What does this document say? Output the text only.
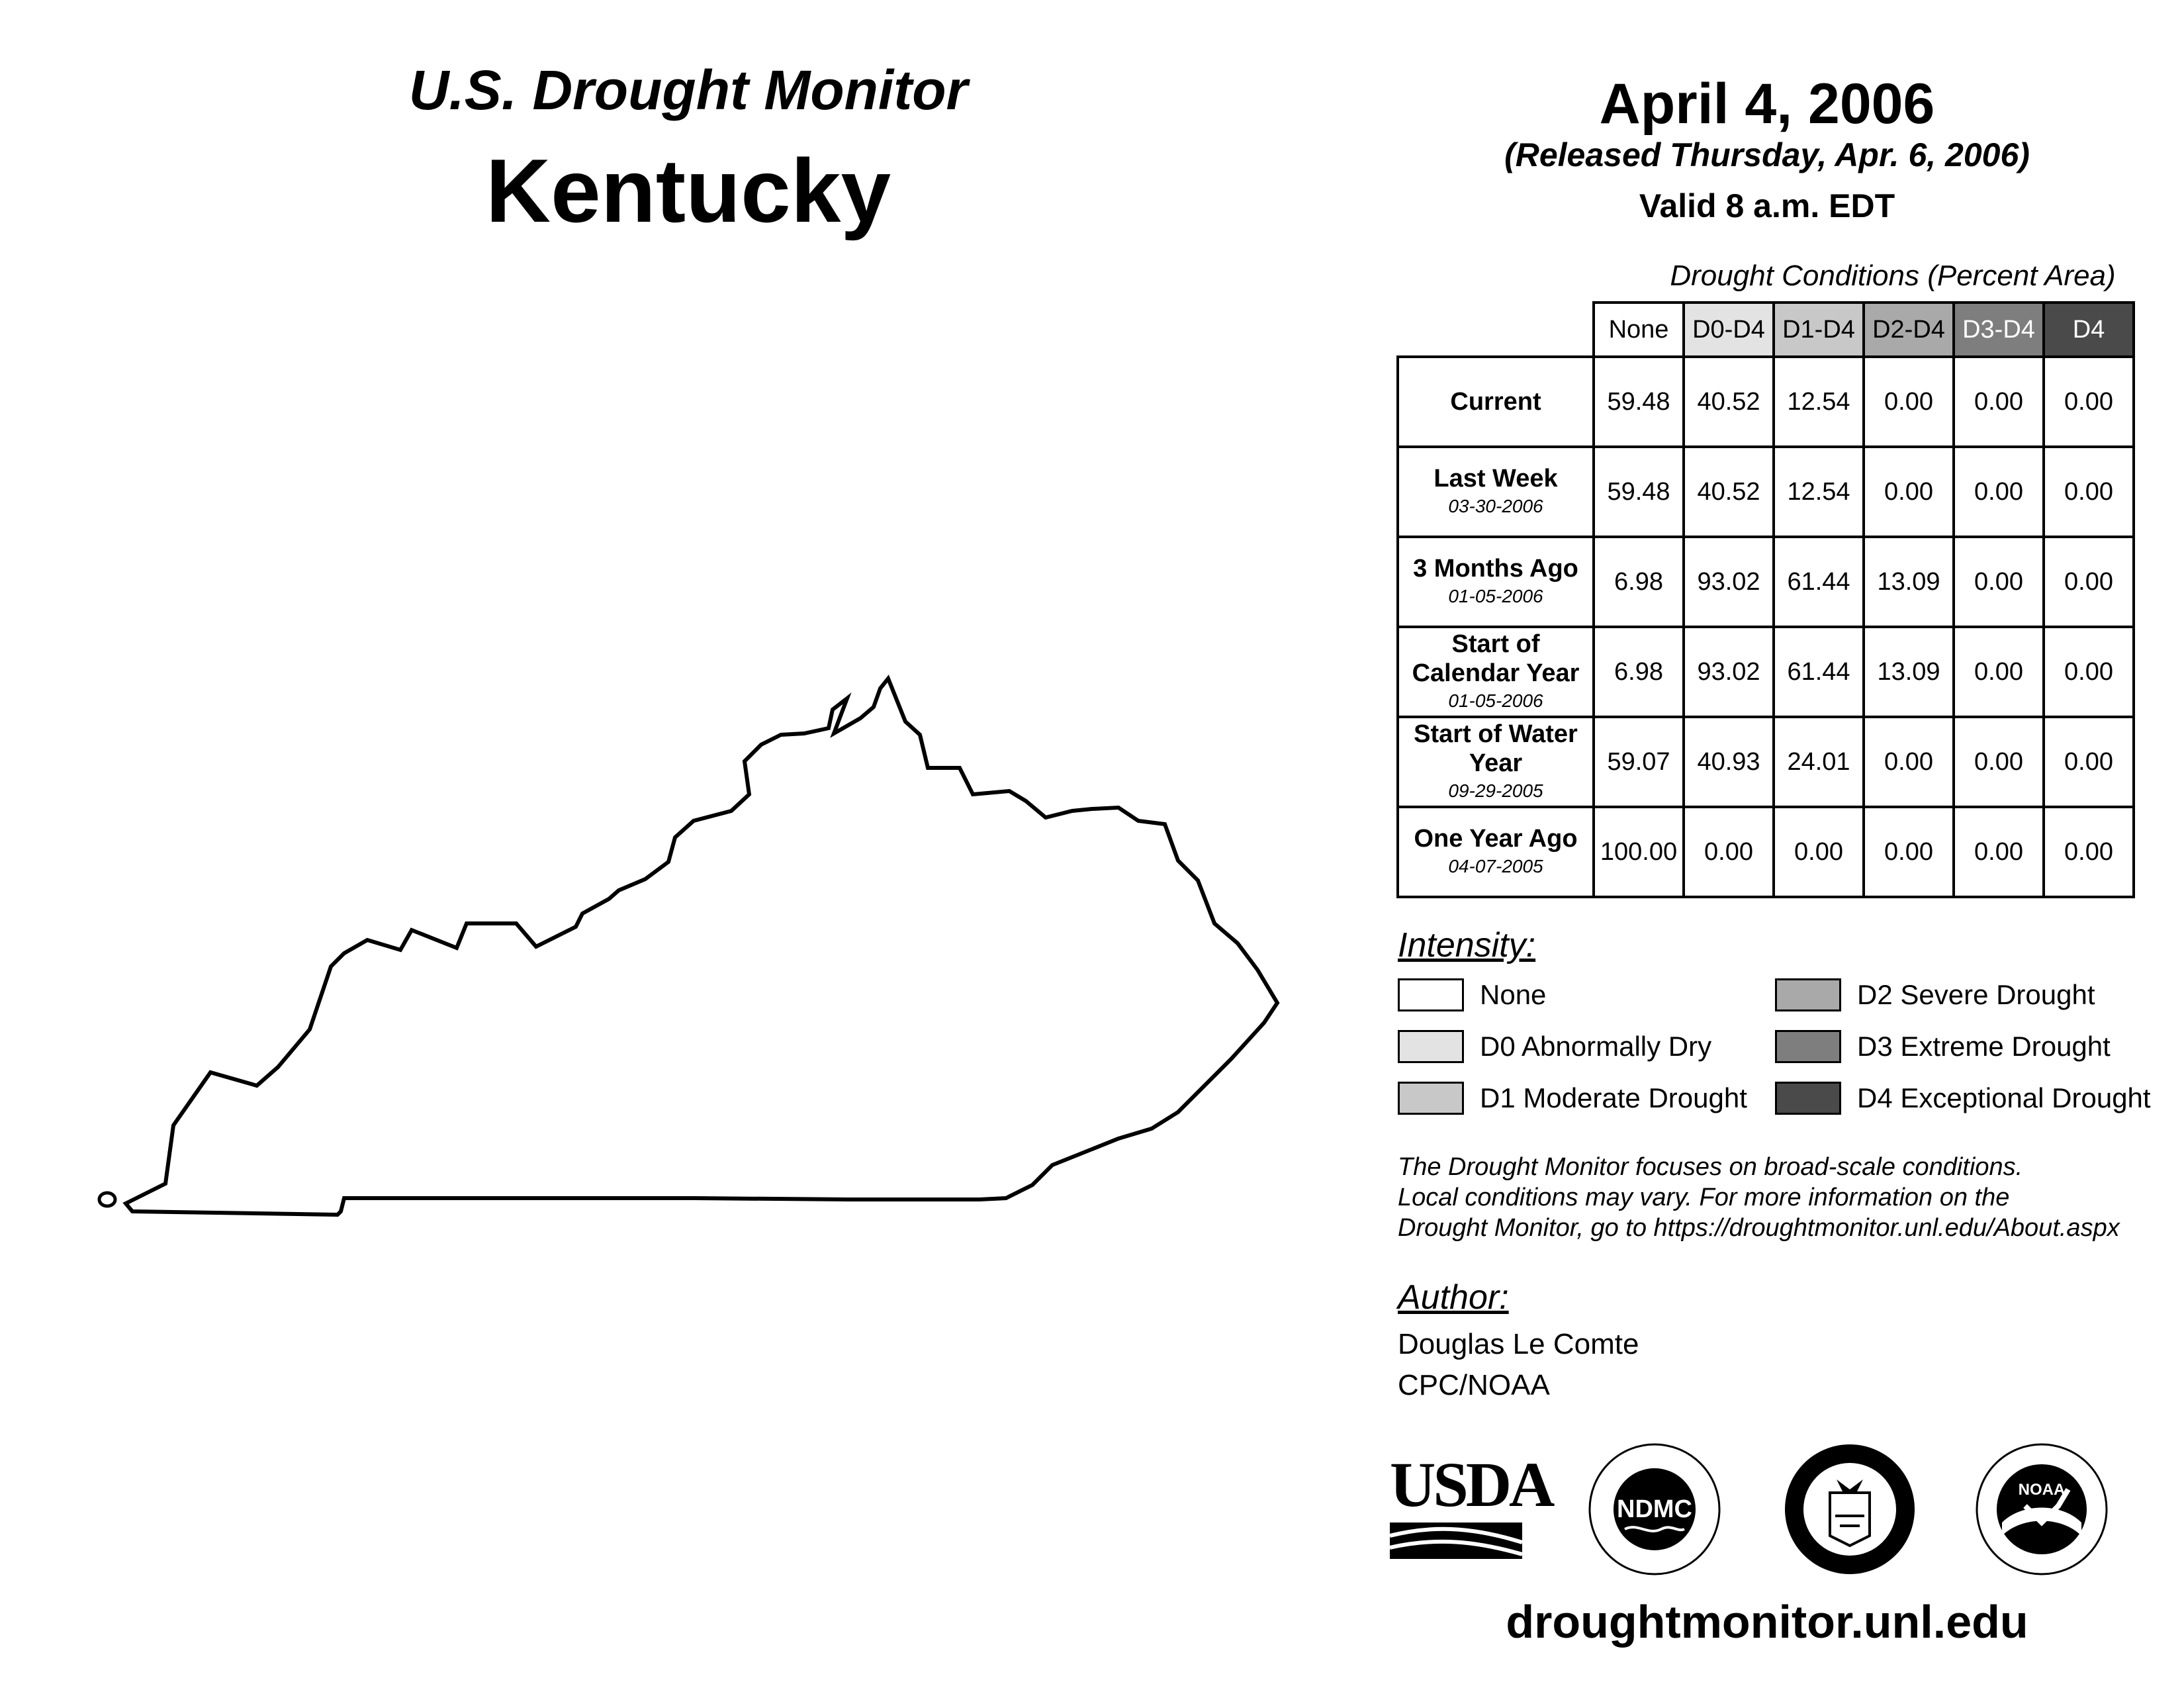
U.S. Drought Monitor
Kentucky
April 4, 2006
(Released Thursday, Apr. 6, 2006)
Valid 8 a.m. EDT
Drought Conditions (Percent Area)
	None	D0-D4	D1-D4	D2-D4	D3-D4	D4
Current	59.48	40.52	12.54	0.00	0.00	0.00
Last Week
03-30-2006	59.48	40.52	12.54	0.00	0.00	0.00
3 Months Ago
01-05-2006	6.98	93.02	61.44	13.09	0.00	0.00
Start of Calendar Year
01-05-2006	6.98	93.02	61.44	13.09	0.00	0.00
Start of Water Year
09-29-2005	59.07	40.93	24.01	0.00	0.00	0.00
One Year Ago
04-07-2005	100.00	0.00	0.00	0.00	0.00	0.00
Intensity:
None
D0 Abnormally Dry
D1 Moderate Drought
D2 Severe Drought
D3 Extreme Drought
D4 Exceptional Drought
The Drought Monitor focuses on broad-scale conditions.
Local conditions may vary. For more information on the
Drought Monitor, go to https://droughtmonitor.unl.edu/About.aspx
Author:
Douglas Le Comte
CPC/NOAA
USDA	NDMC
NOAA
droughtmonitor.unl.edu
